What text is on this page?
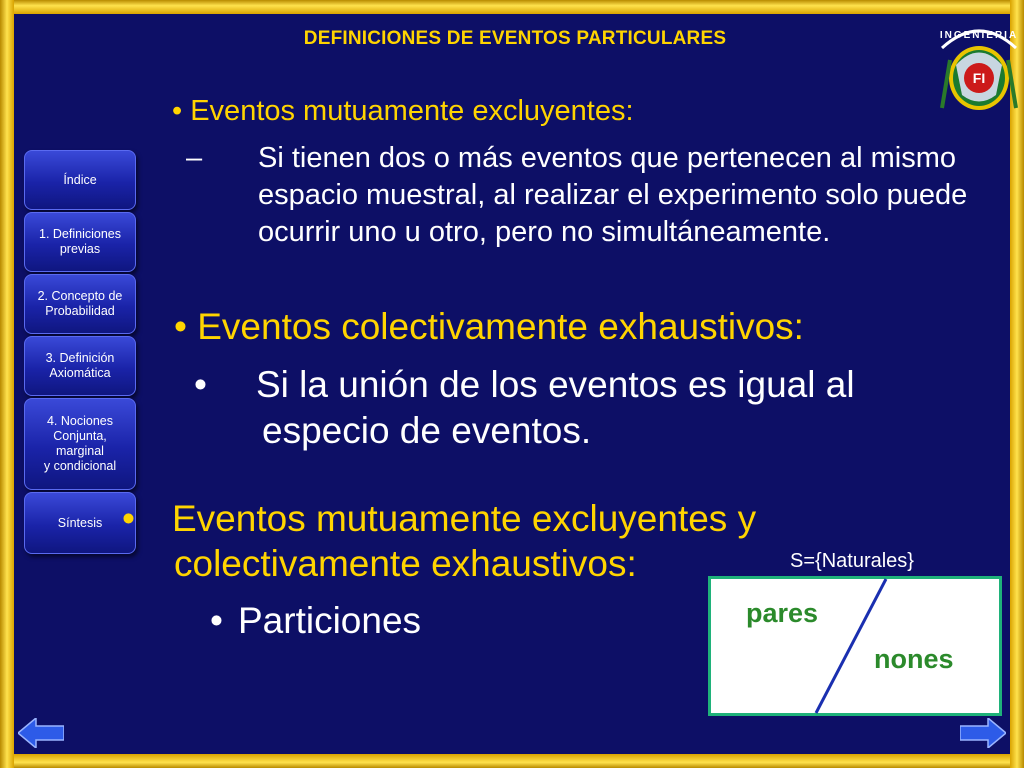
DEFINICIONES DE EVENTOS PARTICULARES	INGENIERIA
FI
Índice
1. Definiciones
previas
2. Concepto de
Probabilidad
3. Definición
Axiomática
4. Nociones
Conjunta,
marginal
y condicional
Síntesis
• Eventos mutuamente excluyentes:
– Si tienen dos o más eventos que pertenecen al mismo espacio muestral, al realizar el experimento solo puede ocurrir uno u otro, pero no simultáneamente.
• Eventos colectivamente exhaustivos:
• Si la unión de los eventos es igual al especio de eventos.
• Eventos mutuamente excluyentes y colectivamente exhaustivos:
• Particiones
S={Naturales}
pares
nones
